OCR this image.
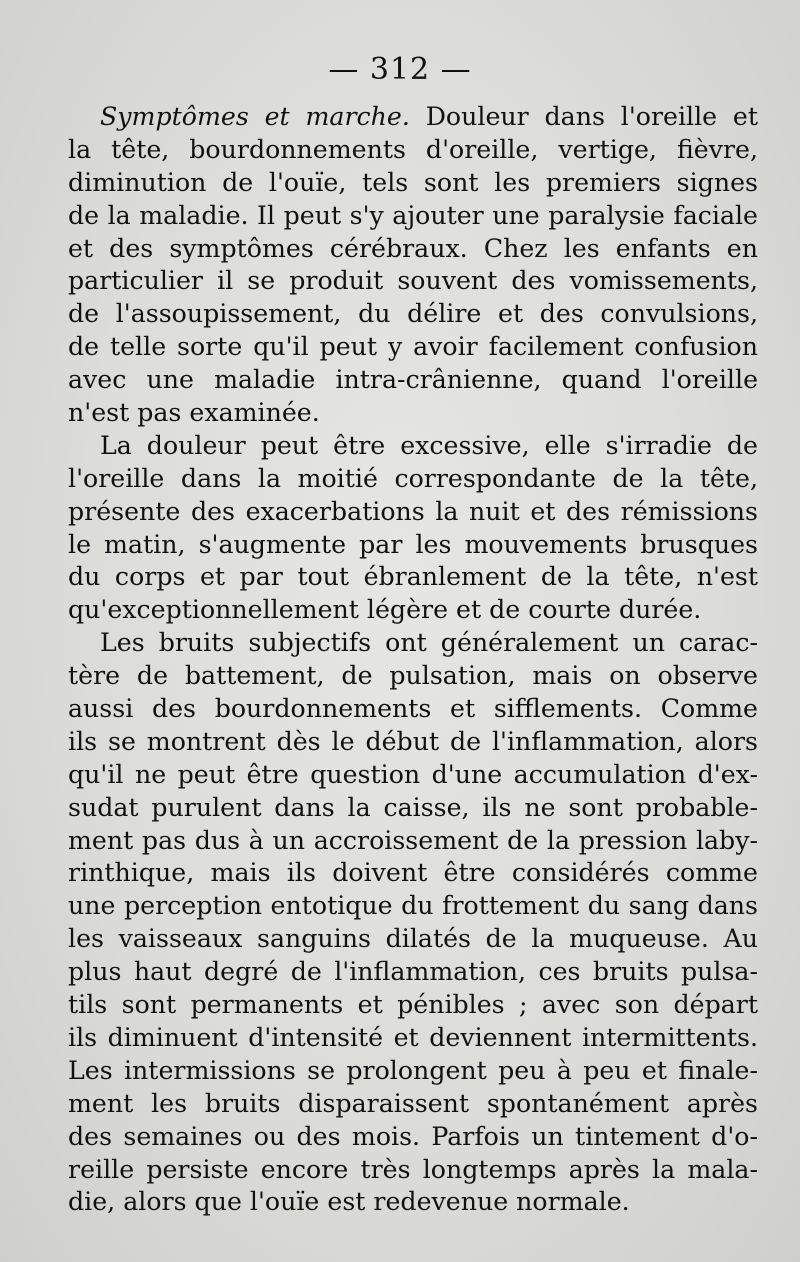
— 312 —
Symptômes et marche. Douleur dans l'oreille et
la tête, bourdonnements d'oreille, vertige, fièvre,
diminution de l'ouïe, tels sont les premiers signes
de la maladie. Il peut s'y ajouter une paralysie faciale
et des symptômes cérébraux. Chez les enfants en
particulier il se produit souvent des vomissements,
de l'assoupissement, du délire et des convulsions,
de telle sorte qu'il peut y avoir facilement confusion
avec une maladie intra-crânienne, quand l'oreille
n'est pas examinée.
La douleur peut être excessive, elle s'irradie de
l'oreille dans la moitié correspondante de la tête,
présente des exacerbations la nuit et des rémissions
le matin, s'augmente par les mouvements brusques
du corps et par tout ébranlement de la tête, n'est
qu'exceptionnellement légère et de courte durée.
Les bruits subjectifs ont généralement un carac-
tère de battement, de pulsation, mais on observe
aussi des bourdonnements et sifflements. Comme
ils se montrent dès le début de l'inflammation, alors
qu'il ne peut être question d'une accumulation d'ex-
sudat purulent dans la caisse, ils ne sont probable-
ment pas dus à un accroissement de la pression laby-
rinthique, mais ils doivent être considérés comme
une perception entotique du frottement du sang dans
les vaisseaux sanguins dilatés de la muqueuse. Au
plus haut degré de l'inflammation, ces bruits pulsa-
tils sont permanents et pénibles ; avec son départ
ils diminuent d'intensité et deviennent intermittents.
Les intermissions se prolongent peu à peu et finale-
ment les bruits disparaissent spontanément après
des semaines ou des mois. Parfois un tintement d'o-
reille persiste encore très longtemps après la mala-
die, alors que l'ouïe est redevenue normale.
